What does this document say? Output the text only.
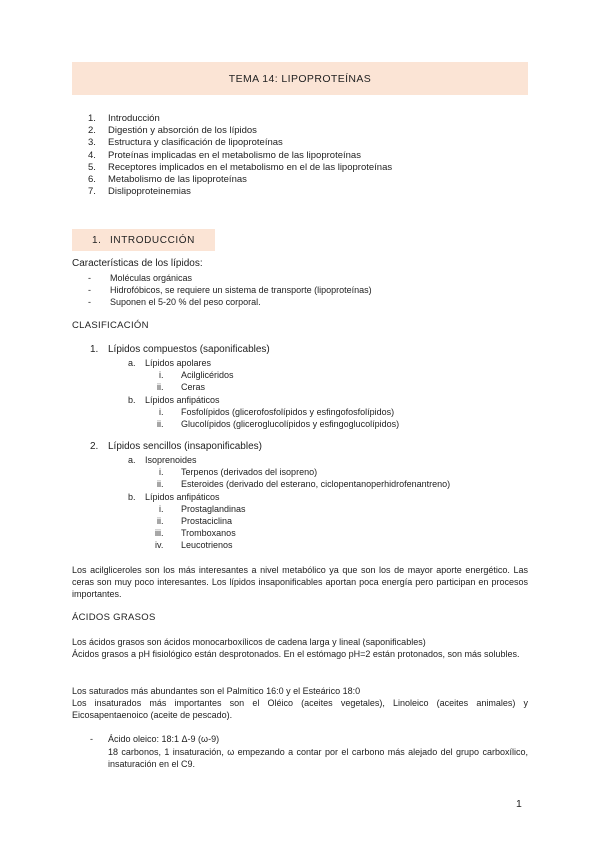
TEMA 14: LIPOPROTEÍNAS
1.	Introducción
2.	Digestión y absorción de los lípidos
3.	Estructura y clasificación de lipoproteínas
4.	Proteínas implicadas en el metabolismo de las lipoproteínas
5.	Receptores implicados en el metabolismo en el de las lipoproteínas
6.	Metabolismo de las lipoproteínas
7.	Dislipoproteinemias
1. INTRODUCCIÓN
Características de los lípidos:
-	Moléculas orgánicas
-	Hidrofóbicos, se requiere un sistema de transporte (lipoproteínas)
-	Suponen el 5-20 % del peso corporal.
CLASIFICACIÓN
1. Lípidos compuestos (saponificables)
a. Lípidos apolares
i. Acilglicéridos
ii. Ceras
b. Lípidos anfipáticos
i. Fosfolípidos (glicerofosfolípidos y esfingofosfolípidos)
ii. Glucolípidos (gliceroglucolípidos y esfingoglucolípidos)
2. Lípidos sencillos (insaponificables)
a. Isoprenoides
i. Terpenos (derivados del isopreno)
ii. Esteroides (derivado del esterano, ciclopentanoperhidrofenantreno)
b. Lípidos anfipáticos
i. Prostaglandinas
ii. Prostaciclina
iii. Tromboxanos
iv. Leucotrienos
Los acilgliceroles son los más interesantes a nivel metabólico ya que son los de mayor aporte energético. Las ceras son muy poco interesantes. Los lípidos insaponificables aportan poca energía pero participan en procesos importantes.
ÁCIDOS GRASOS
Los ácidos grasos son ácidos monocarboxílicos de cadena larga y lineal (saponificables)
Ácidos grasos a pH fisiológico están desprotonados. En el estómago pH=2 están protonados, son más solubles.
Los saturados más abundantes son el Palmítico 16:0 y el Esteárico 18:0
Los insaturados más importantes son el Oléico (aceites vegetales), Linoleico (aceites animales) y Eicosapentaenoico (aceite de pescado).
- Ácido oleico: 18:1 Δ-9 (ω-9)
18 carbonos, 1 insaturación, ω empezando a contar por el carbono más alejado del grupo carboxílico, insaturación en el C9.
1
